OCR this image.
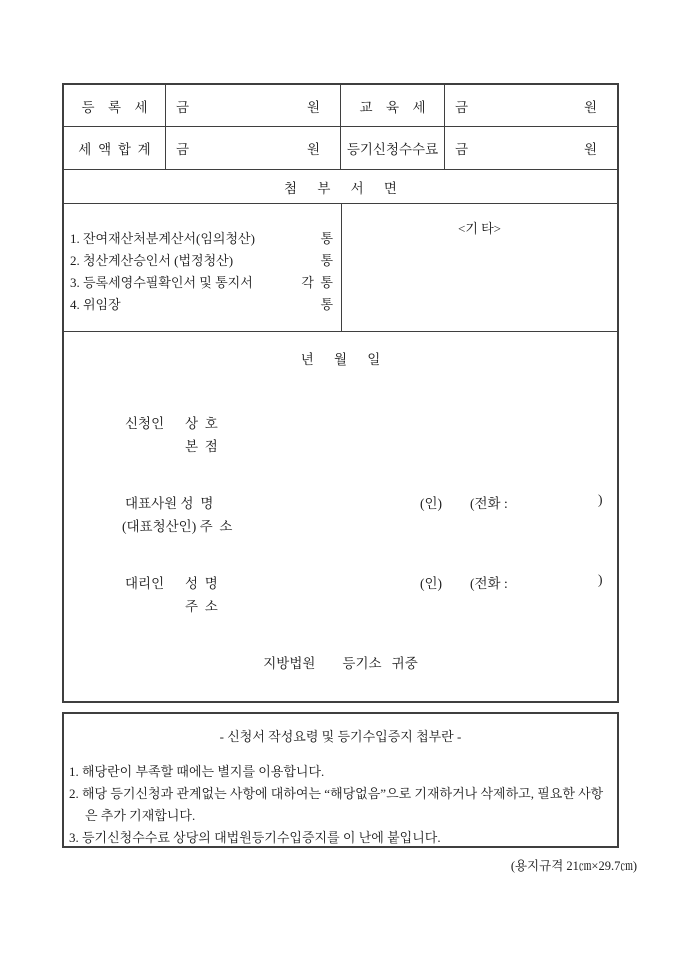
등    록    세	금	원	교    육    세	금	원
세  액  합  계	금	원	등기신청수수료	금	원
첨      부      서      면
1. 잔여재산처분계산서(임의청산)	통
2. 청산계산승인서 (법정청산)	통
3. 등록세영수필확인서 및 통지서	각  통
4. 위임장	통
<기 타>
년      월      일
신청인 상  호
본  점
대표사원 성  명	(인) (전화 :	)
(대표청산인) 주  소
대리인 성  명	(인) (전화 :	)
주  소
지방법원        등기소   귀중
- 신청서 작성요령 및 등기수입증지 첩부란 -
1. 해당란이 부족할 때에는 별지를 이용합니다.
2. 해당 등기신청과 관계없는 사항에 대하여는 “해당없음”으로 기재하거나 삭제하고, 필요한 사항은 추가 기재합니다.
3. 등기신청수수료 상당의 대법원등기수입증지를 이 난에 붙입니다.
(용지규격 21㎝×29.7㎝)
